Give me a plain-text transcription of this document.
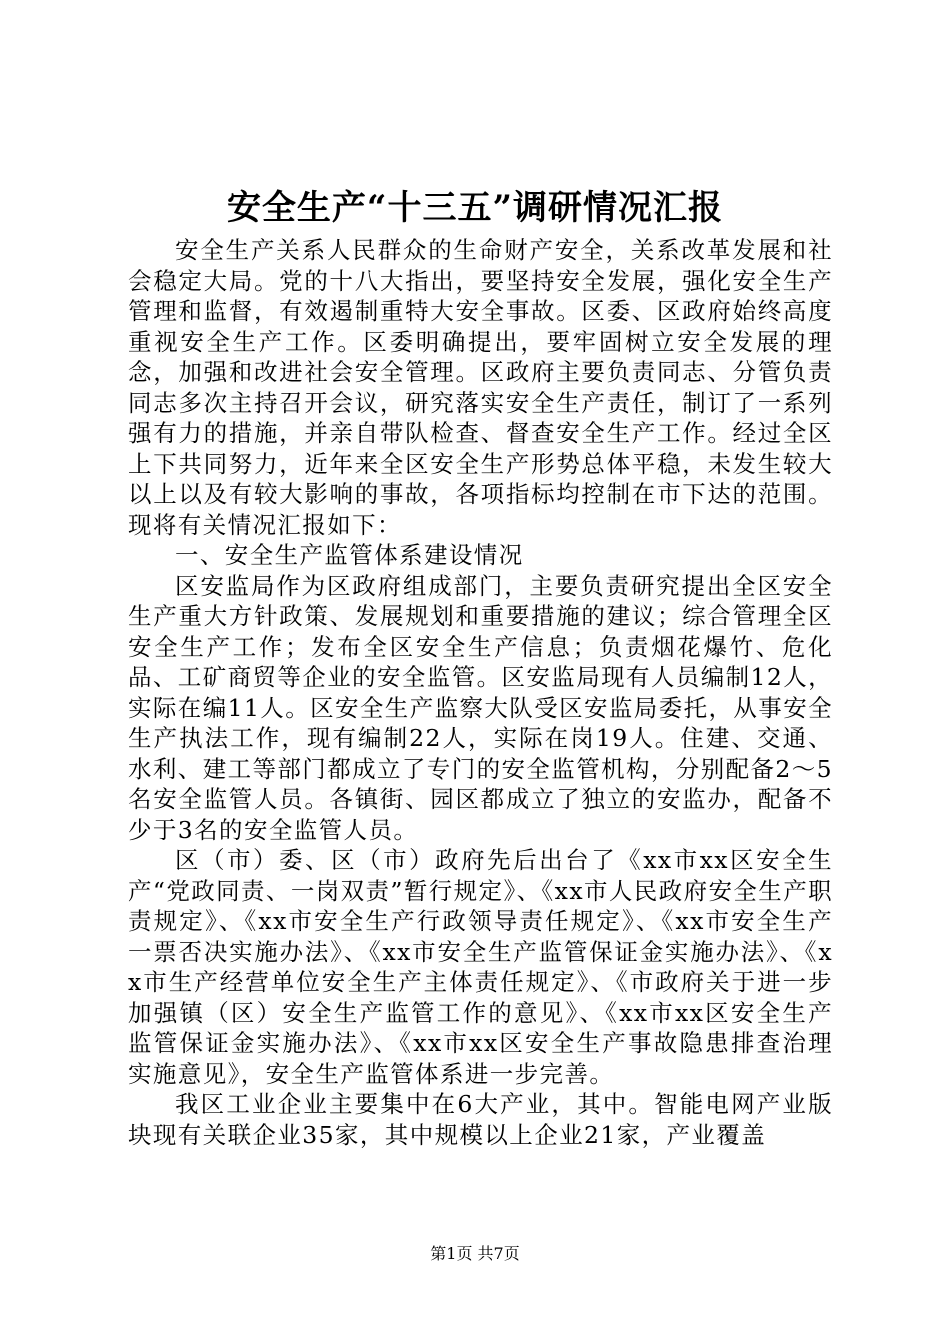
安全生产“十三五”调研情况汇报

安全生产关系人民群众的生命财产安全，关系改革发展和社会稳定大局。党的十八大指出，要坚持安全发展，强化安全生产管理和监督，有效遏制重特大安全事故。区委、区政府始终高度重视安全生产工作。区委明确提出，要牢固树立安全发展的理念，加强和改进社会安全管理。区政府主要负责同志、分管负责同志多次主持召开会议，研究落实安全生产责任，制订了一系列强有力的措施，并亲自带队检查、督查安全生产工作。经过全区上下共同努力，近年来全区安全生产形势总体平稳，未发生较大以上以及有较大影响的事故，各项指标均控制在市下达的范围。现将有关情况汇报如下：

一、安全生产监管体系建设情况

区安监局作为区政府组成部门，主要负责研究提出全区安全生产重大方针政策、发展规划和重要措施的建议；综合管理全区安全生产工作；发布全区安全生产信息；负责烟花爆竹、危化品、工矿商贸等企业的安全监管。区安监局现有人员编制12人，实际在编11人。区安全生产监察大队受区安监局委托，从事安全生产执法工作，现有编制22人，实际在岗19人。住建、交通、水利、建工等部门都成立了专门的安全监管机构，分别配备2～5名安全监管人员。各镇街、园区都成立了独立的安监办，配备不少于3名的安全监管人员。

区（市）委、区（市）政府先后出台了《xx市xx区安全生产“党政同责、一岗双责”暂行规定》、《xx市人民政府安全生产职责规定》、《xx市安全生产行政领导责任规定》、《xx市安全生产一票否决实施办法》、《xx市安全生产监管保证金实施办法》、《xx市生产经营单位安全生产主体责任规定》、《市政府关于进一步加强镇（区）安全生产监管工作的意见》、《xx市xx区安全生产监管保证金实施办法》、《xx市xx区安全生产事故隐患排查治理实施意见》，安全生产监管体系进一步完善。

我区工业企业主要集中在6大产业，其中。智能电网产业版块现有关联企业35家，其中规模以上企业21家，产业覆盖

第1页 共7页
